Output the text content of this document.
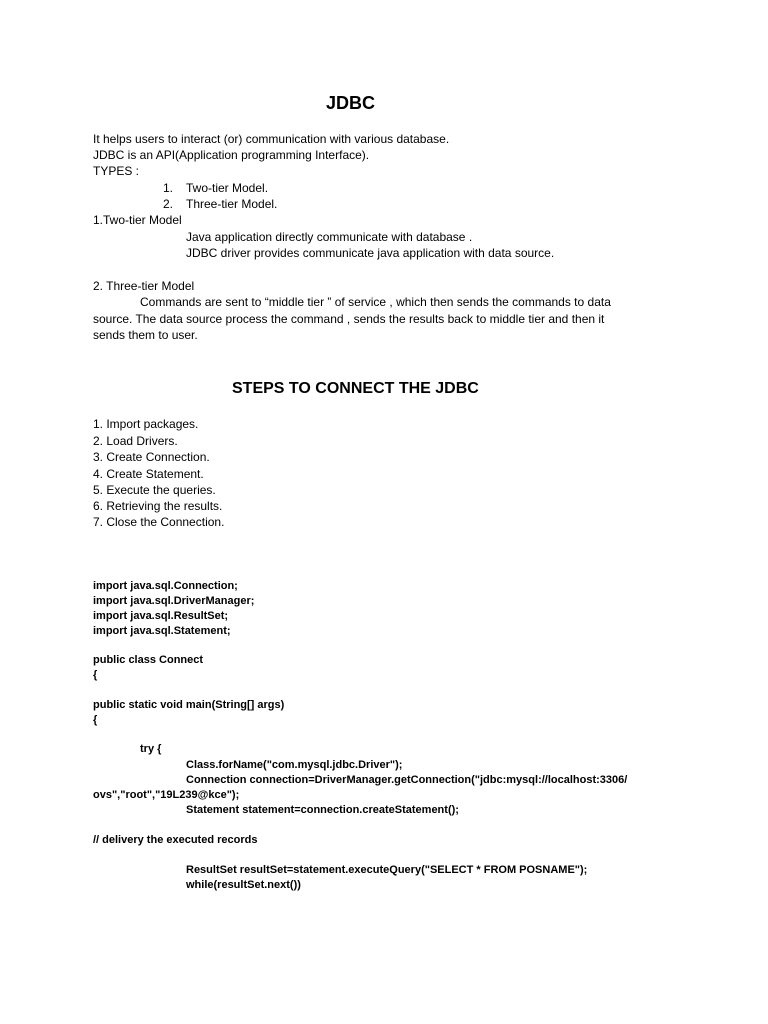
JDBC
It helps users to interact (or) communication with various database.
JDBC is an API(Application programming Interface).
TYPES :
1. Two-tier Model.
2. Three-tier Model.
1.Two-tier Model
Java application directly communicate with database .
JDBC driver provides communicate java application with data source.
2. Three-tier Model
Commands are sent to “middle tier ” of service , which then sends the commands to data
source. The data source process the command , sends the results back to middle tier and then it
sends them to user.
STEPS TO CONNECT THE JDBC
1. Import packages.
2. Load Drivers.
3. Create Connection.
4. Create Statement.
5. Execute the queries.
6. Retrieving the results.
7. Close the Connection.
import java.sql.Connection;
import java.sql.DriverManager;
import java.sql.ResultSet;
import java.sql.Statement;
public class Connect
{
public static void main(String[] args)
{
try {
Class.forName("com.mysql.jdbc.Driver");
Connection connection=DriverManager.getConnection("jdbc:mysql://localhost:3306/
ovs","root","19L239@kce");
Statement statement=connection.createStatement();
// delivery the executed records
ResultSet resultSet=statement.executeQuery("SELECT * FROM POSNAME");
while(resultSet.next())
